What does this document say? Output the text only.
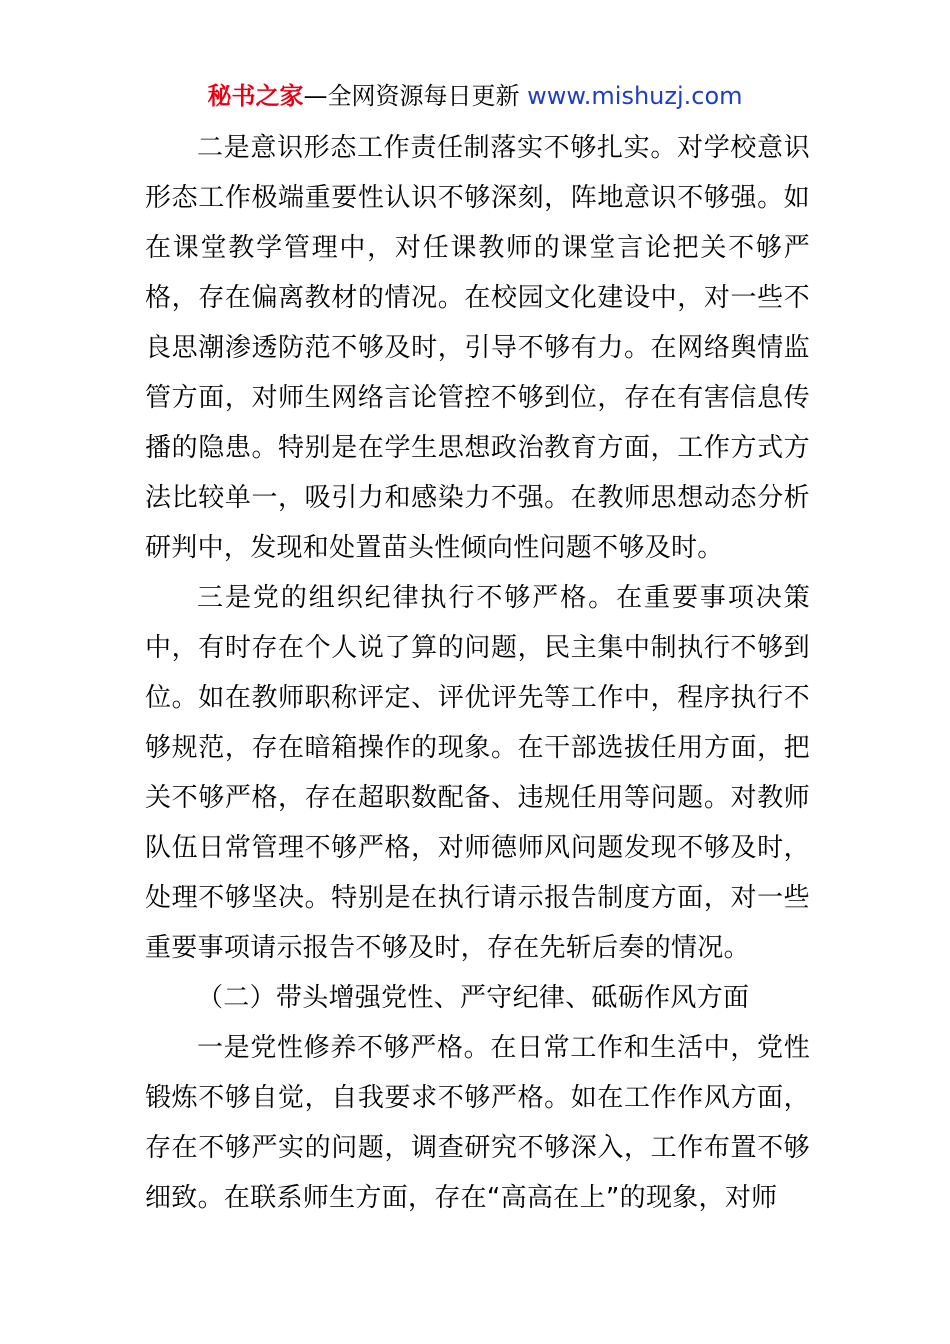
秘书之家—全网资源每日更新 www.mishuzj.com

二是意识形态工作责任制落实不够扎实。对学校意识形态工作极端重要性认识不够深刻，阵地意识不够强。如在课堂教学管理中，对任课教师的课堂言论把关不够严格，存在偏离教材的情况。在校园文化建设中，对一些不良思潮渗透防范不够及时，引导不够有力。在网络舆情监管方面，对师生网络言论管控不够到位，存在有害信息传播的隐患。特别是在学生思想政治教育方面，工作方式方法比较单一，吸引力和感染力不强。在教师思想动态分析研判中，发现和处置苗头性倾向性问题不够及时。

三是党的组织纪律执行不够严格。在重要事项决策中，有时存在个人说了算的问题，民主集中制执行不够到位。如在教师职称评定、评优评先等工作中，程序执行不够规范，存在暗箱操作的现象。在干部选拔任用方面，把关不够严格，存在超职数配备、违规任用等问题。对教师队伍日常管理不够严格，对师德师风问题发现不够及时，处理不够坚决。特别是在执行请示报告制度方面，对一些重要事项请示报告不够及时，存在先斩后奏的情况。

（二）带头增强党性、严守纪律、砥砺作风方面

一是党性修养不够严格。在日常工作和生活中，党性锻炼不够自觉，自我要求不够严格。如在工作作风方面，存在不够严实的问题，调查研究不够深入，工作布置不够细致。在联系师生方面，存在“高高在上”的现象，对师
